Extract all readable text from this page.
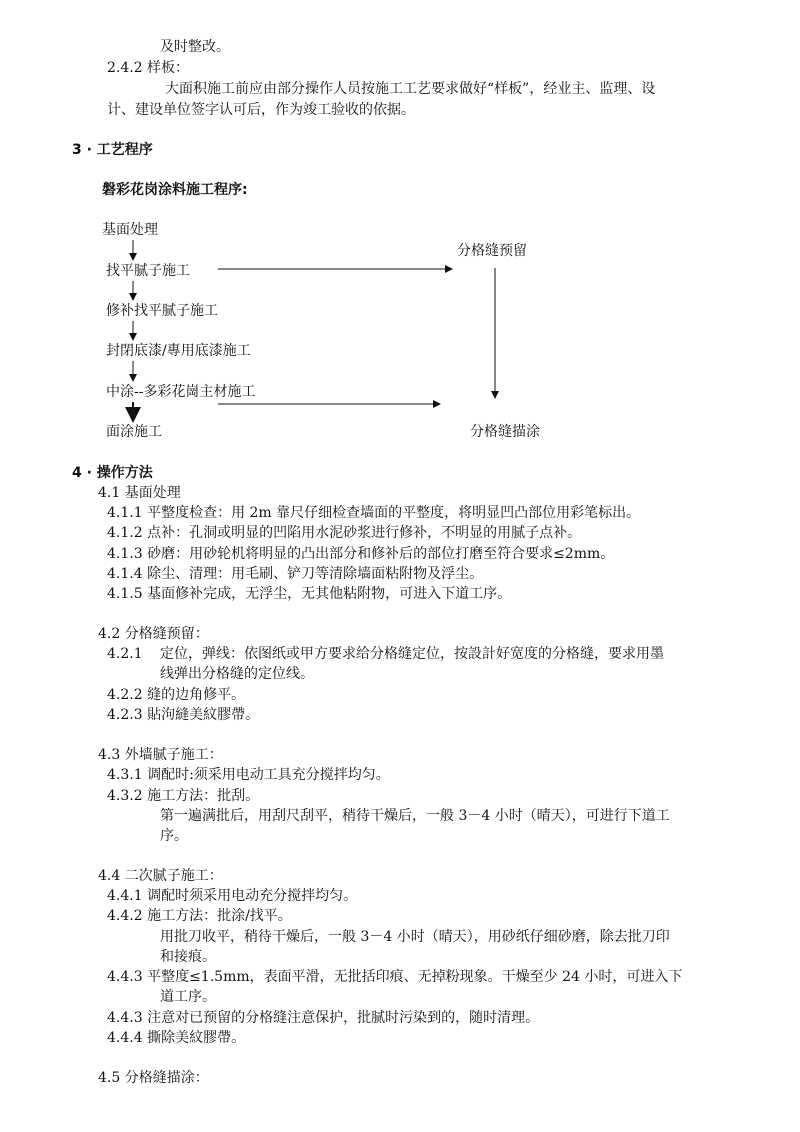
及时整改。
2.4.2 样板：
大面积施工前应由部分操作人员按施工工艺要求做好“样板”，经业主、监理、设
计、建设单位签字认可后，作为竣工验收的依据。
3 · 工艺程序
磐彩花岗涂料施工程序:
基面处理
找平腻子施工
修补找平腻子施工
封閉底漆/專用底漆施工
中涂--多彩花崗主材施工
面涂施工
分格缝预留
分格缝描涂
4 · 操作方法
4.1 基面处理
4.1.1 平整度检查：用 2m 靠尺仔细检查墙面的平整度，将明显凹凸部位用彩笔标出。
4.1.2 点补：孔洞或明显的凹陷用水泥砂浆进行修补，不明显的用腻子点补。
4.1.3 砂磨：用砂轮机将明显的凸出部分和修补后的部位打磨至符合要求≤2mm。
4.1.4 除尘、清理：用毛刷、铲刀等清除墙面粘附物及浮尘。
4.1.5 基面修补完成，无浮尘，无其他粘附物，可进入下道工序。
4.2 分格缝预留：
4.2.1 定位，弹线：依图纸或甲方要求给分格缝定位，按設計好宽度的分格缝，要求用墨
线弹出分格缝的定位线。
4.2.2 缝的边角修平。
4.2.3 貼泃縫美紋膠帶。
4.3 外墙腻子施工：
4.3.1 调配时:须采用电动工具充分搅拌均匀。
4.3.2 施工方法：批刮。
第一遍满批后，用刮尺刮平，稍待干燥后，一般 3－4 小时（晴天），可进行下道工
序。
4.4 二次腻子施工：
4.4.1 调配时须采用电动充分搅拌均匀。
4.4.2 施工方法：批涂/找平。
用批刀收平，稍待干燥后，一般 3－4 小时（晴天），用砂纸仔细砂磨，除去批刀印
和接痕。
4.4.3 平整度≤1.5mm，表面平滑，无批括印痕、无掉粉现象。干燥至少 24 小时，可进入下
道工序。
4.4.3 注意对已预留的分格缝注意保护，批腻时污染到的，随时清理。
4.4.4 撕除美紋膠帶。
4.5 分格缝描涂：
